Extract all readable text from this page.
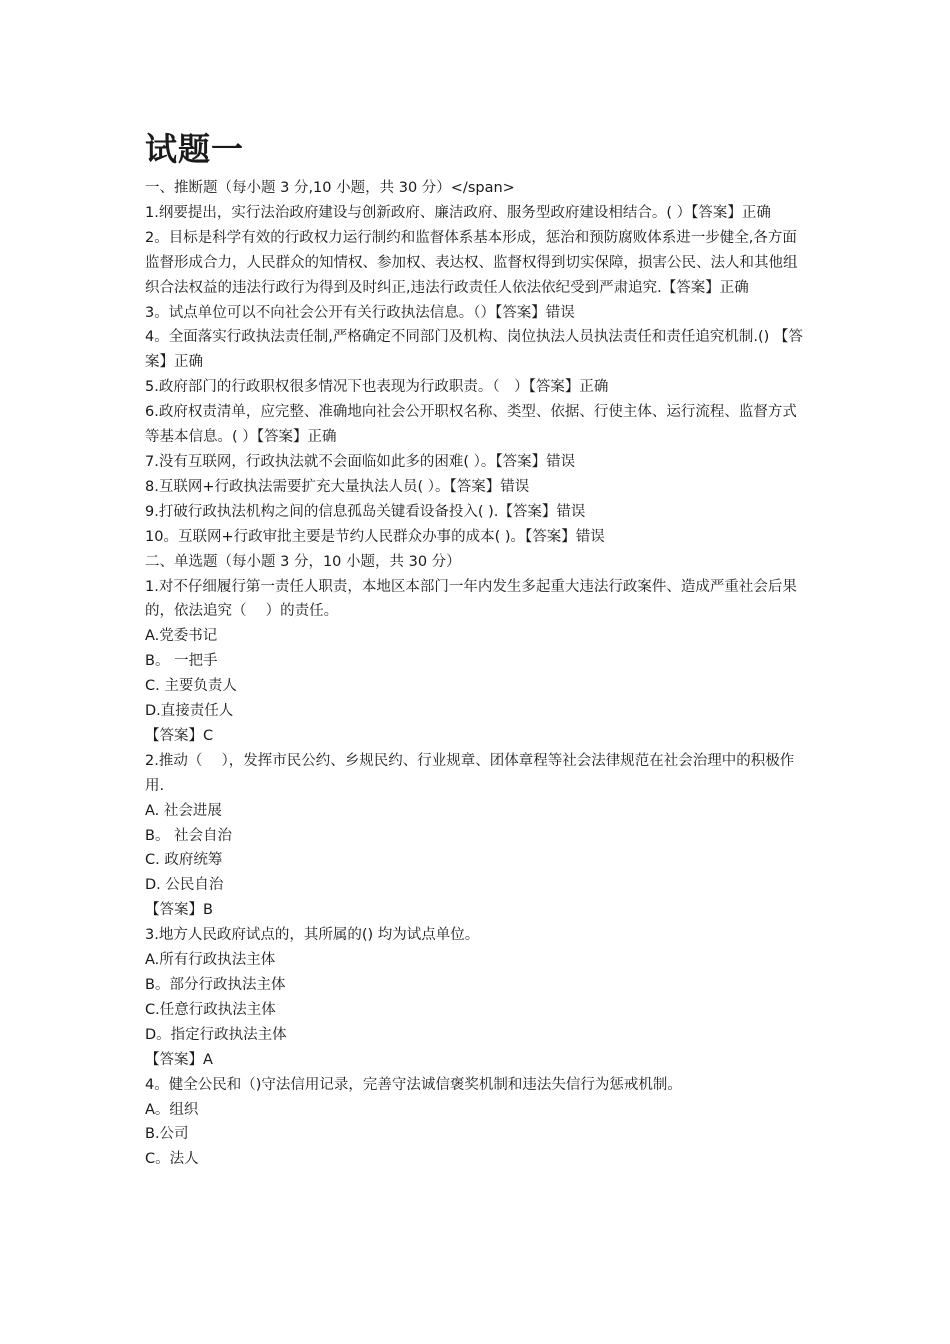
试题一

一、推断题（每小题 3 分,10 小题，共 30 分）</span>

1.纲要提出，实行法治政府建设与创新政府、廉洁政府、服务型政府建设相结合。( ）【答案】正确

2。目标是科学有效的行政权力运行制约和监督体系基本形成，惩治和预防腐败体系进一步健全,各方面监督形成合力，人民群众的知情权、参加权、表达权、监督权得到切实保障，损害公民、法人和其他组织合法权益的违法行政行为得到及时纠正,违法行政责任人依法依纪受到严肃追究.【答案】正确

3。试点单位可以不向社会公开有关行政执法信息。（）【答案】错误

4。全面落实行政执法责任制,严格确定不同部门及机构、岗位执法人员执法责任和责任追究机制.() 【答案】正确

5.政府部门的行政职权很多情况下也表现为行政职责。（　）【答案】正确

6.政府权责清单，应完整、准确地向社会公开职权名称、类型、依据、行使主体、运行流程、监督方式等基本信息。( ）【答案】正确

7.没有互联网，行政执法就不会面临如此多的困难( ）。【答案】错误

8.互联网+行政执法需要扩充大量执法人员( ）。【答案】错误

9.打破行政执法机构之间的信息孤岛关键看设备投入( ).【答案】错误

10。互联网+行政审批主要是节约人民群众办事的成本( )。【答案】错误

二、单选题（每小题 3 分，10 小题，共 30 分）

1.对不仔细履行第一责任人职责，本地区本部门一年内发生多起重大违法行政案件、造成严重社会后果的，依法追究（　 ）的责任。

A.党委书记

B。 一把手

C. 主要负责人

D.直接责任人

【答案】C

2.推动（　 ），发挥市民公约、乡规民约、行业规章、团体章程等社会法律规范在社会治理中的积极作用.

A. 社会进展

B。 社会自治

C. 政府统筹

D. 公民自治

【答案】B

3.地方人民政府试点的，其所属的() 均为试点单位。

A.所有行政执法主体

B。部分行政执法主体

C.任意行政执法主体

D。指定行政执法主体

【答案】A

4。健全公民和（)守法信用记录，完善守法诚信褒奖机制和违法失信行为惩戒机制。

A。组织

B.公司

C。法人
